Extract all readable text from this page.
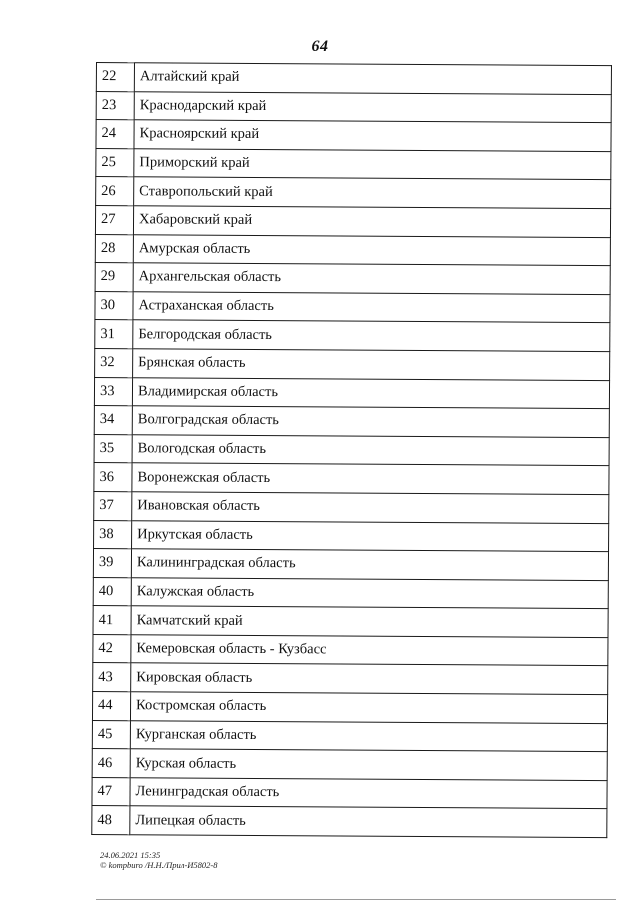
64
22	Алтайский край
23	Краснодарский край
24	Красноярский край
25	Приморский край
26	Ставропольский край
27	Хабаровский край
28	Амурская область
29	Архангельская область
30	Астраханская область
31	Белгородская область
32	Брянская область
33	Владимирская область
34	Волгоградская область
35	Вологодская область
36	Воронежская область
37	Ивановская область
38	Иркутская область
39	Калининградская область
40	Калужская область
41	Камчатский край
42	Кемеровская область - Кузбасс
43	Кировская область
44	Костромская область
45	Курганская область
46	Курская область
47	Ленинградская область
48	Липецкая область
24.06.2021 15:35
© kompburo /Н.Н./Прил-И5802-8
